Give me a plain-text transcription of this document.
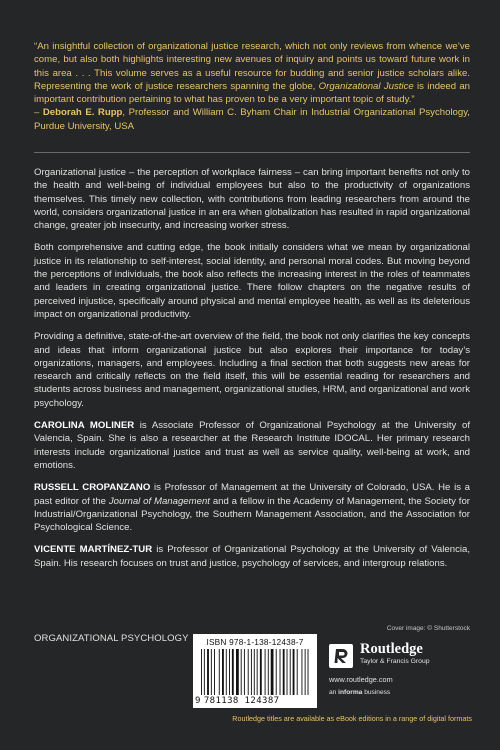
“An insightful collection of organizational justice research, which not only reviews from whence we’ve come, but also both highlights interesting new avenues of inquiry and points us toward future work in this area . . . This volume serves as a useful resource for budding and senior justice scholars alike. Representing the work of justice researchers spanning the globe, Organizational Justice is indeed an important contribution pertaining to what has proven to be a very important topic of study.”
– Deborah E. Rupp, Professor and William C. Byham Chair in Industrial Organizational Psychology, Purdue University, USA

Organizational justice – the perception of workplace fairness – can bring important benefits not only to the health and well-being of individual employees but also to the productivity of organizations themselves. This timely new collection, with contributions from leading researchers from around the world, considers organizational justice in an era when globalization has resulted in rapid organizational change, greater job insecurity, and increasing worker stress.

Both comprehensive and cutting edge, the book initially considers what we mean by organizational justice in its relationship to self-interest, social identity, and personal moral codes. But moving beyond the perceptions of individuals, the book also reflects the increasing interest in the roles of teammates and leaders in creating organizational justice. There follow chapters on the negative results of perceived injustice, specifically around physical and mental employee health, as well as its deleterious impact on organizational productivity.

Providing a definitive, state-of-the-art overview of the field, the book not only clarifies the key concepts and ideas that inform organizational justice but also explores their importance for today’s organizations, managers, and employees. Including a final section that both suggests new areas for research and critically reflects on the field itself, this will be essential reading for researchers and students across business and management, organizational studies, HRM, and organizational and work psychology.

CAROLINA MOLINER is Associate Professor of Organizational Psychology at the University of Valencia, Spain. She is also a researcher at the Research Institute IDOCAL. Her primary research interests include organizational justice and trust as well as service quality, well-being at work, and emotions.

RUSSELL CROPANZANO is Professor of Management at the University of Colorado, USA. He is a past editor of the Journal of Management and a fellow in the Academy of Management, the Society for Industrial/Organizational Psychology, the Southern Management Association, and the Association for Psychological Science.

VICENTE MARTÍNEZ-TUR is Professor of Organizational Psychology at the University of Valencia, Spain. His research focuses on trust and justice, psychology of services, and intergroup relations.

Cover image: © Shutterstock
ORGANIZATIONAL PSYCHOLOGY	ISBN 978-1-138-12438-7
9 781138 124387
Routledge
Taylor & Francis Group
www.routledge.com
an informa business
Routledge titles are available as eBook editions in a range of digital formats
